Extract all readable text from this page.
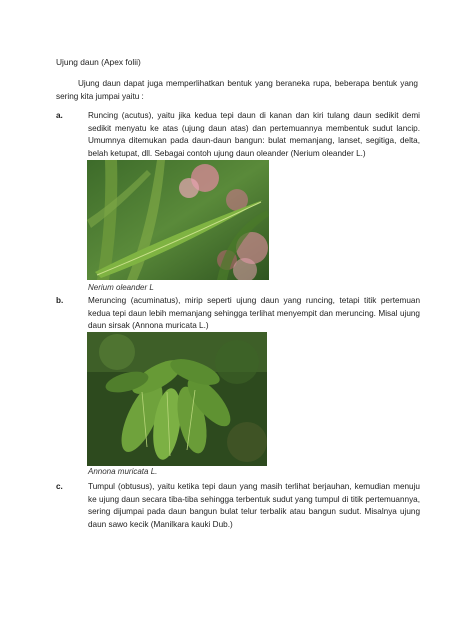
Ujung daun (Apex folii)
Ujung daun dapat juga memperlihatkan bentuk yang beraneka rupa, beberapa bentuk yang sering kita jumpai yaitu :
a.	Runcing (acutus), yaitu jika kedua tepi daun di kanan dan kiri tulang daun sedikit demi sedikit menyatu ke atas (ujung daun atas) dan pertemuannya membentuk sudut lancip. Umumnya ditemukan pada daun-daun bangun: bulat memanjang, lanset, segitiga, delta, belah ketupat, dll. Sebagai contoh ujung daun oleander (Nerium oleander L.)
Nerium oleander L
b.	Meruncing (acuminatus), mirip seperti ujung daun yang runcing, tetapi titik pertemuan kedua tepi daun lebih memanjang sehingga terlihat menyempit dan meruncing. Misal ujung daun sirsak (Annona muricata L.)
Annona muricata L.
c.	Tumpul (obtusus), yaitu ketika tepi daun yang masih terlihat berjauhan, kemudian menuju ke ujung daun secara tiba-tiba sehingga terbentuk sudut yang tumpul di titik pertemuannya, sering dijumpai pada daun bangun bulat telur terbalik atau bangun sudut. Misalnya ujung daun sawo kecik (Manilkara kauki Dub.)
